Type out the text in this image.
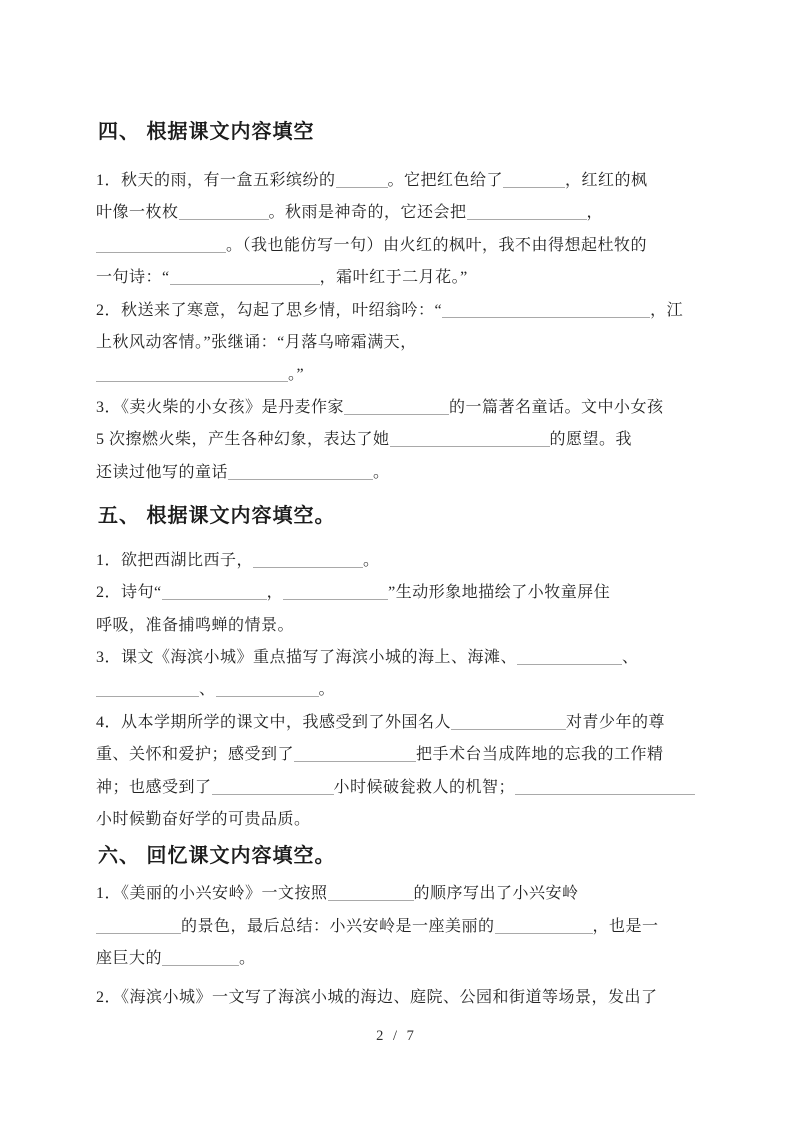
四、 根据课文内容填空
1．秋天的雨，有一盒五彩缤纷的	。它把红色给了	，红红的枫
叶像一枚枚	。秋雨是神奇的，它还会把	，
。（我也能仿写一句）由火红的枫叶，我不由得想起杜牧的
一句诗：“	，霜叶红于二月花。”
2．秋送来了寒意，勾起了思乡情，叶绍翁吟：“	，江
上秋风动客情。”张继诵：“月落乌啼霜满天，
。”
3．《卖火柴的小女孩》是丹麦作家	的一篇著名童话。文中小女孩
5 次擦燃火柴，产生各种幻象，表达了她	的愿望。我
还读过他写的童话	。
五、 根据课文内容填空。
1．欲把西湖比西子，	。
2．诗句“	，	”生动形象地描绘了小牧童屏住
呼吸，准备捕鸣蝉的情景。
3．课文《海滨小城》重点描写了海滨小城的海上、海滩、	、
、	。
4．从本学期所学的课文中，我感受到了外国名人	对青少年的尊
重、关怀和爱护；感受到了	把手术台当成阵地的忘我的工作精
神；也感受到了	小时候破瓮救人的机智；
小时候勤奋好学的可贵品质。
六、 回忆课文内容填空。
1．《美丽的小兴安岭》一文按照	的顺序写出了小兴安岭
的景色，最后总结：小兴安岭是一座美丽的	，也是一
座巨大的	。
2．《海滨小城》一文写了海滨小城的海边、庭院、公园和街道等场景，发出了
2 / 7
